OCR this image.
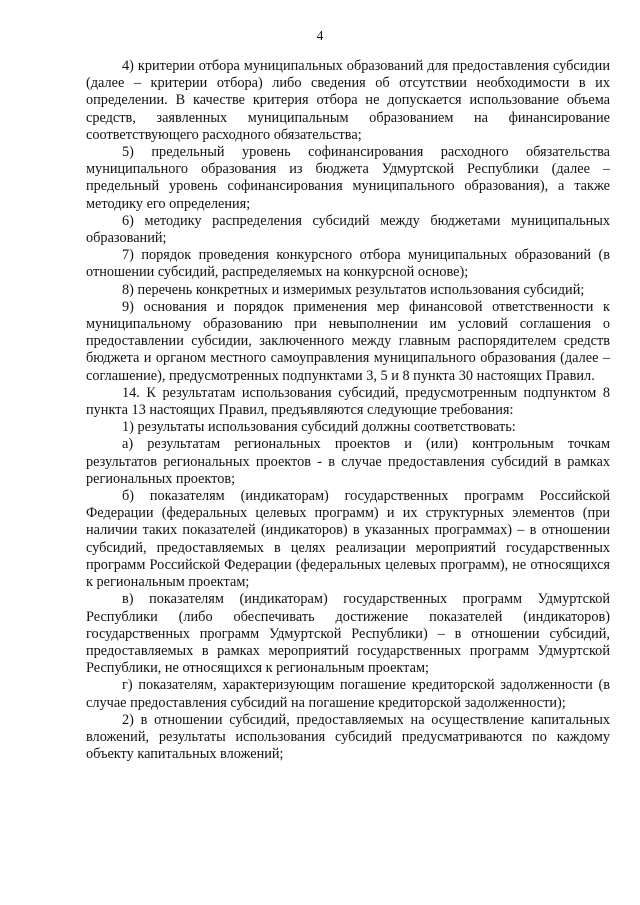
4

4) критерии отбора муниципальных образований для предоставления субсидии (далее – критерии отбора) либо сведения об отсутствии необходимости в их определении. В качестве критерия отбора не допускается использование объема средств, заявленных муниципальным образованием на финансирование соответствующего расходного обязательства;

5) предельный уровень софинансирования расходного обязательства муниципального образования из бюджета Удмуртской Республики (далее – предельный уровень софинансирования муниципального образования), а также методику его определения;

6) методику распределения субсидий между бюджетами муниципальных образований;

7) порядок проведения конкурсного отбора муниципальных образований (в отношении субсидий, распределяемых на конкурсной основе);

8) перечень конкретных и измеримых результатов использования субсидий;

9) основания и порядок применения мер финансовой ответственности к муниципальному образованию при невыполнении им условий соглашения о предоставлении субсидии, заключенного между главным распорядителем средств бюджета и органом местного самоуправления муниципального образования (далее – соглашение), предусмотренных подпунктами 3, 5 и 8 пункта 30 настоящих Правил.

14. К результатам использования субсидий, предусмотренным подпунктом 8 пункта 13 настоящих Правил, предъявляются следующие требования:

1) результаты использования субсидий должны соответствовать:

а) результатам региональных проектов и (или) контрольным точкам результатов региональных проектов - в случае предоставления субсидий в рамках региональных проектов;

б) показателям (индикаторам) государственных программ Российской Федерации (федеральных целевых программ) и их структурных элементов (при наличии таких показателей (индикаторов) в указанных программах) – в отношении субсидий, предоставляемых в целях реализации мероприятий государственных программ Российской Федерации (федеральных целевых программ), не относящихся к региональным проектам;

в) показателям (индикаторам) государственных программ Удмуртской Республики (либо обеспечивать достижение показателей (индикаторов) государственных программ Удмуртской Республики) – в отношении субсидий, предоставляемых в рамках мероприятий государственных программ Удмуртской Республики, не относящихся к региональным проектам;

г) показателям, характеризующим погашение кредиторской задолженности (в случае предоставления субсидий на погашение кредиторской задолженности);

2) в отношении субсидий, предоставляемых на осуществление капитальных вложений, результаты использования субсидий предусматриваются по каждому объекту капитальных вложений;
